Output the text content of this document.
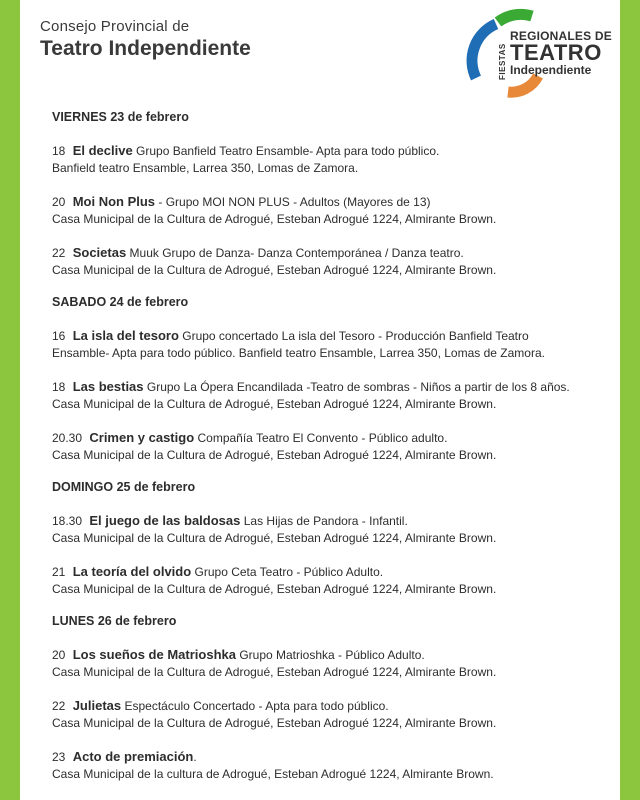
Consejo Provincial de
Teatro Independiente	FIESTAS
REGIONALES DE
TEATRO
Independiente
VIERNES 23 de febrero
18 El declive Grupo Banfield Teatro Ensamble- Apta para todo público.
Banfield teatro Ensamble, Larrea 350, Lomas de Zamora.
20 Moi Non Plus - Grupo MOI NON PLUS - Adultos (Mayores de 13)
Casa Municipal de la Cultura de Adrogué, Esteban Adrogué 1224, Almirante Brown.
22 Societas Muuk Grupo de Danza- Danza Contemporánea / Danza teatro.
Casa Municipal de la Cultura de Adrogué, Esteban Adrogué 1224, Almirante Brown.
SABADO 24 de febrero
16 La isla del tesoro Grupo concertado La isla del Tesoro - Producción Banfield Teatro
Ensamble- Apta para todo público. Banfield teatro Ensamble, Larrea 350, Lomas de Zamora.
18 Las bestias Grupo La Ópera Encandilada -Teatro de sombras - Niños a partir de los 8 años.
Casa Municipal de la Cultura de Adrogué, Esteban Adrogué 1224, Almirante Brown.
20.30 Crimen y castigo Compañía Teatro El Convento - Público adulto.
Casa Municipal de la Cultura de Adrogué, Esteban Adrogué 1224, Almirante Brown.
DOMINGO 25 de febrero
18.30 El juego de las baldosas Las Hijas de Pandora - Infantil.
Casa Municipal de la Cultura de Adrogué, Esteban Adrogué 1224, Almirante Brown.
21 La teoría del olvido Grupo Ceta Teatro - Público Adulto.
Casa Municipal de la Cultura de Adrogué, Esteban Adrogué 1224, Almirante Brown.
LUNES 26 de febrero
20 Los sueños de Matrioshka Grupo Matrioshka - Público Adulto.
Casa Municipal de la Cultura de Adrogué, Esteban Adrogué 1224, Almirante Brown.
22 Julietas Espectáculo Concertado - Apta para todo público.
Casa Municipal de la Cultura de Adrogué, Esteban Adrogué 1224, Almirante Brown.
23 Acto de premiación.
Casa Municipal de la cultura de Adrogué, Esteban Adrogué 1224, Almirante Brown.
